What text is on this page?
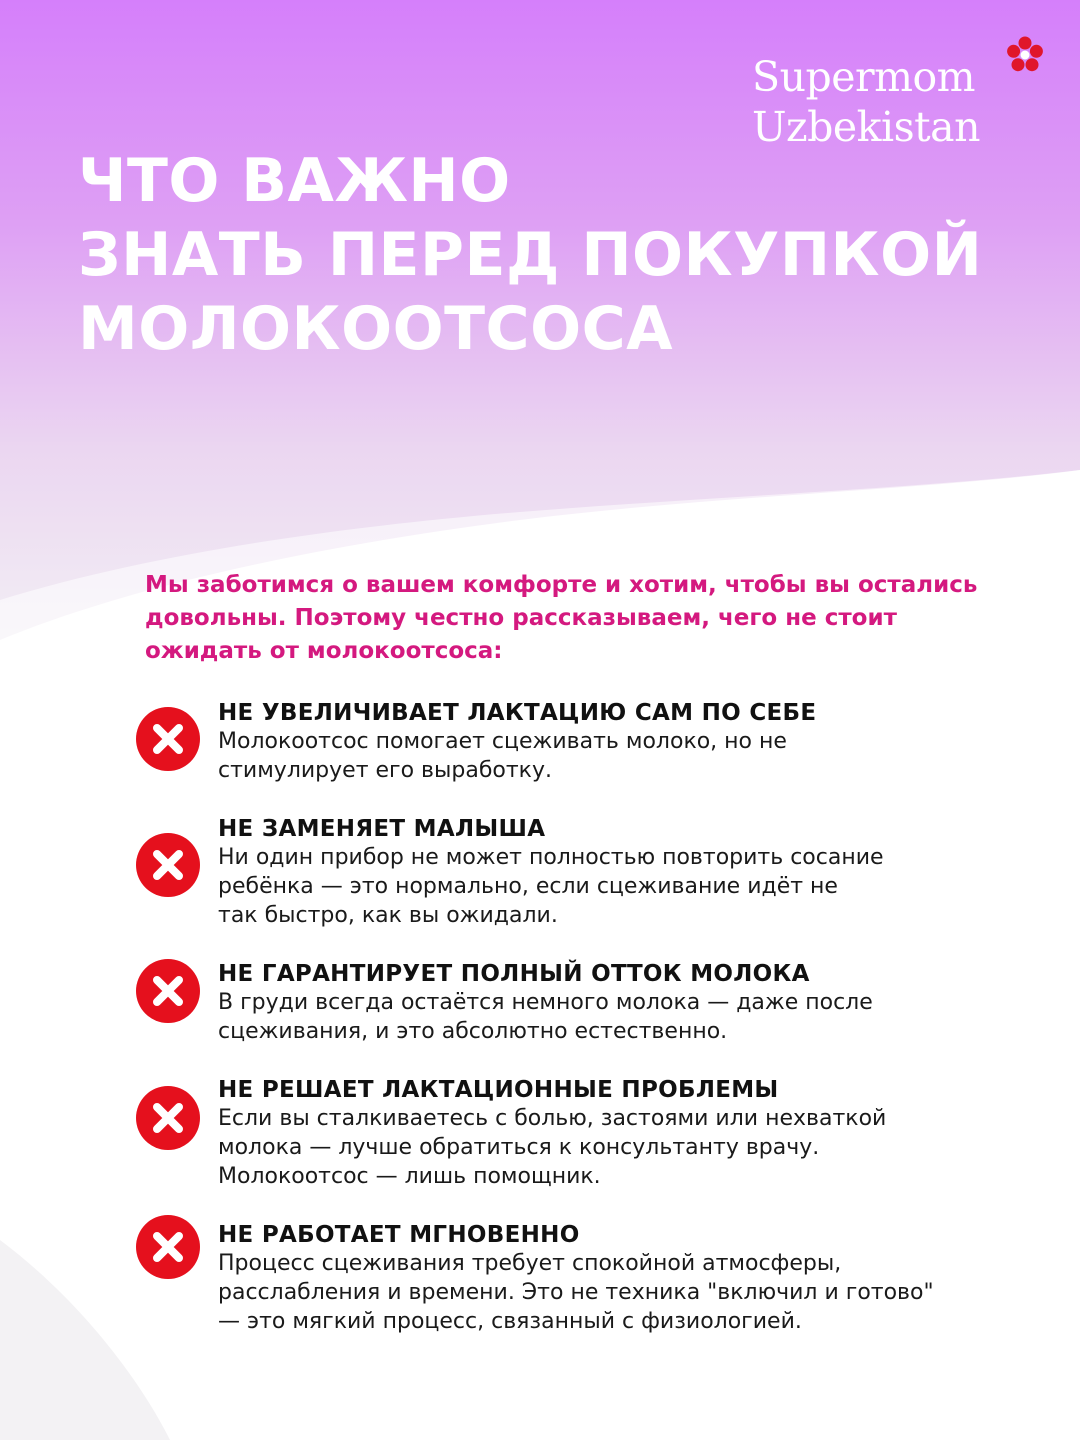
Supermom
Uzbekistan
ЧТО ВАЖНО
ЗНАТЬ ПЕРЕД ПОКУПКОЙ
МОЛОКООТСОСА
Мы заботимся о вашем комфорте и хотим, чтобы вы остались
довольны. Поэтому честно рассказываем, чего не стоит
ожидать от молокоотсоса:
НЕ УВЕЛИЧИВАЕТ ЛАКТАЦИЮ САМ ПО СЕБЕ
Молокоотсос помогает сцеживать молоко, но не
стимулирует его выработку.
НЕ ЗАМЕНЯЕТ МАЛЫША
Ни один прибор не может полностью повторить сосание
ребёнка — это нормально, если сцеживание идёт не
так быстро, как вы ожидали.
НЕ ГАРАНТИРУЕТ ПОЛНЫЙ ОТТОК МОЛОКА
В груди всегда остаётся немного молока — даже после
сцеживания, и это абсолютно естественно.
НЕ РЕШАЕТ ЛАКТАЦИОННЫЕ ПРОБЛЕМЫ
Если вы сталкиваетесь с болью, застоями или нехваткой
молока — лучше обратиться к консультанту врачу.
Молокоотсос — лишь помощник.
НЕ РАБОТАЕТ МГНОВЕННО
Процесс сцеживания требует спокойной атмосферы,
расслабления и времени. Это не техника "включил и готово"
— это мягкий процесс, связанный с физиологией.
